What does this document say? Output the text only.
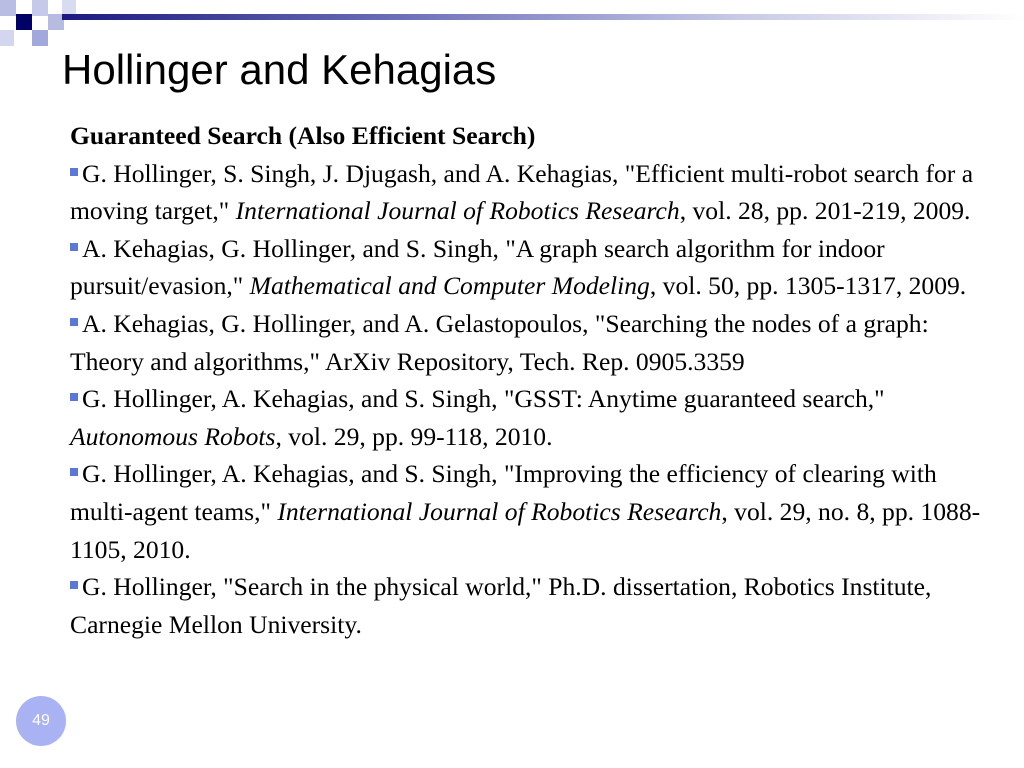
Hollinger and Kehagias
Guaranteed Search (Also Efficient Search)

G. Hollinger, S. Singh, J. Djugash, and A. Kehagias, "Efficient multi-robot search for a moving target," International Journal of Robotics Research, vol. 28, pp. 201-219, 2009.

A. Kehagias, G. Hollinger, and S. Singh, "A graph search algorithm for indoor pursuit/evasion," Mathematical and Computer Modeling, vol. 50, pp. 1305-1317, 2009.

A. Kehagias, G. Hollinger, and A. Gelastopoulos, "Searching the nodes of a graph: Theory and algorithms," ArXiv Repository, Tech. Rep. 0905.3359

G. Hollinger, A. Kehagias, and S. Singh, "GSST: Anytime guaranteed search," Autonomous Robots, vol. 29, pp. 99-118, 2010.

G. Hollinger, A. Kehagias, and S. Singh, "Improving the efficiency of clearing with multi-agent teams," International Journal of Robotics Research, vol. 29, no. 8, pp. 1088-1105, 2010.

G. Hollinger, "Search in the physical world," Ph.D. dissertation, Robotics Institute, Carnegie Mellon University.

49
